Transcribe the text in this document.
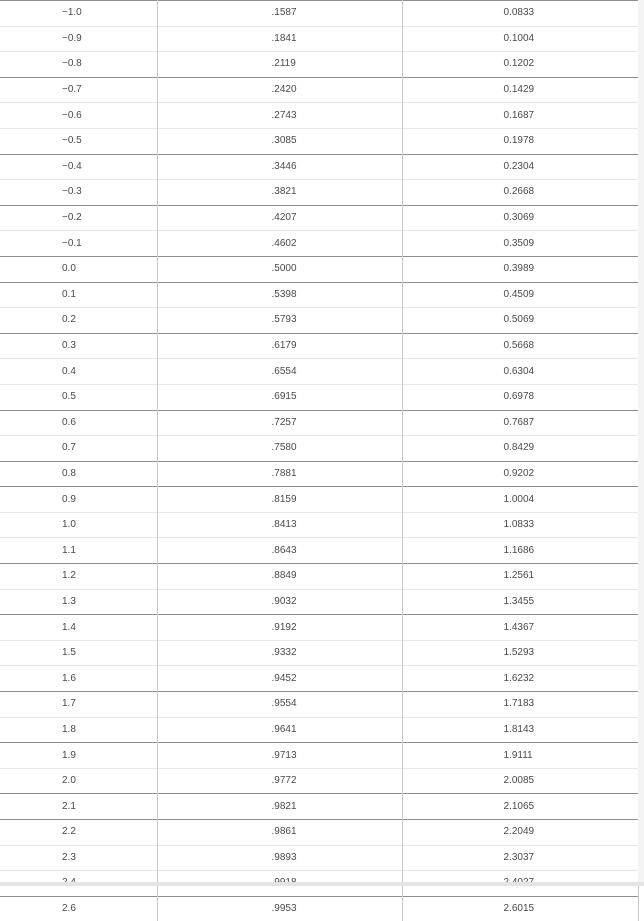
−1.0	.1587	0.0833
−0.9	.1841	0.1004
−0.8	.2119	0.1202
−0.7	.2420	0.1429
−0.6	.2743	0.1687
−0.5	.3085	0.1978
−0.4	.3446	0.2304
−0.3	.3821	0.2668
−0.2	.4207	0.3069
−0.1	.4602	0.3509
0.0	.5000	0.3989
0.1	.5398	0.4509
0.2	.5793	0.5069
0.3	.6179	0.5668
0.4	.6554	0.6304
0.5	.6915	0.6978
0.6	.7257	0.7687
0.7	.7580	0.8429
0.8	.7881	0.9202
0.9	.8159	1.0004
1.0	.8413	1.0833
1.1	.8643	1.1686
1.2	.8849	1.2561
1.3	.9032	1.3455
1.4	.9192	1.4367
1.5	.9332	1.5293
1.6	.9452	1.6232
1.7	.9554	1.7183
1.8	.9641	1.8143
1.9	.9713	1.9111
2.0	.9772	2.0085
2.1	.9821	2.1065
2.2	.9861	2.2049
2.3	.9893	2.3037

2.6	.9953	2.6015
